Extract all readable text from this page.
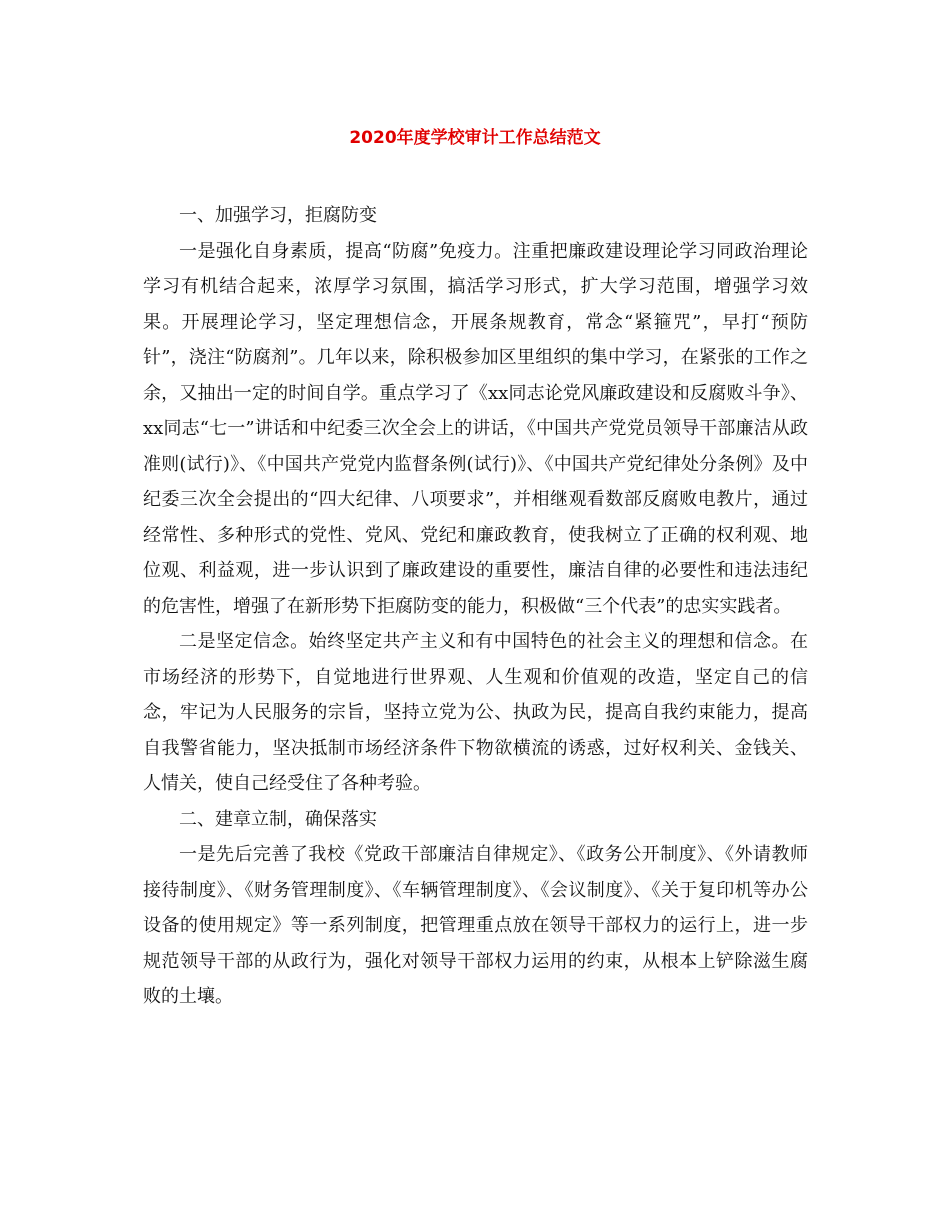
2020年度学校审计工作总结范文

一、加强学习，拒腐防变

一是强化自身素质，提高“防腐”免疫力。注重把廉政建设理论学习同政治理论学习有机结合起来，浓厚学习氛围，搞活学习形式，扩大学习范围，增强学习效果。开展理论学习，坚定理想信念，开展条规教育，常念“紧箍咒”，早打“预防针”，浇注“防腐剂”。几年以来，除积极参加区里组织的集中学习，在紧张的工作之余，又抽出一定的时间自学。重点学习了《xx同志论党风廉政建设和反腐败斗争》、xx同志“七一”讲话和中纪委三次全会上的讲话，《中国共产党党员领导干部廉洁从政准则(试行)》、《中国共产党党内监督条例(试行)》、《中国共产党纪律处分条例》及中纪委三次全会提出的“四大纪律、八项要求”，并相继观看数部反腐败电教片，通过经常性、多种形式的党性、党风、党纪和廉政教育，使我树立了正确的权利观、地位观、利益观，进一步认识到了廉政建设的重要性，廉洁自律的必要性和违法违纪的危害性，增强了在新形势下拒腐防变的能力，积极做“三个代表”的忠实实践者。

二是坚定信念。始终坚定共产主义和有中国特色的社会主义的理想和信念。在市场经济的形势下，自觉地进行世界观、人生观和价值观的改造，坚定自己的信念，牢记为人民服务的宗旨，坚持立党为公、执政为民，提高自我约束能力，提高自我警省能力，坚决抵制市场经济条件下物欲横流的诱惑，过好权利关、金钱关、人情关，使自己经受住了各种考验。

二、建章立制，确保落实

一是先后完善了我校《党政干部廉洁自律规定》、《政务公开制度》、《外请教师接待制度》、《财务管理制度》、《车辆管理制度》、《会议制度》、《关于复印机等办公设备的使用规定》等一系列制度，把管理重点放在领导干部权力的运行上，进一步规范领导干部的从政行为，强化对领导干部权力运用的约束，从根本上铲除滋生腐败的土壤。
